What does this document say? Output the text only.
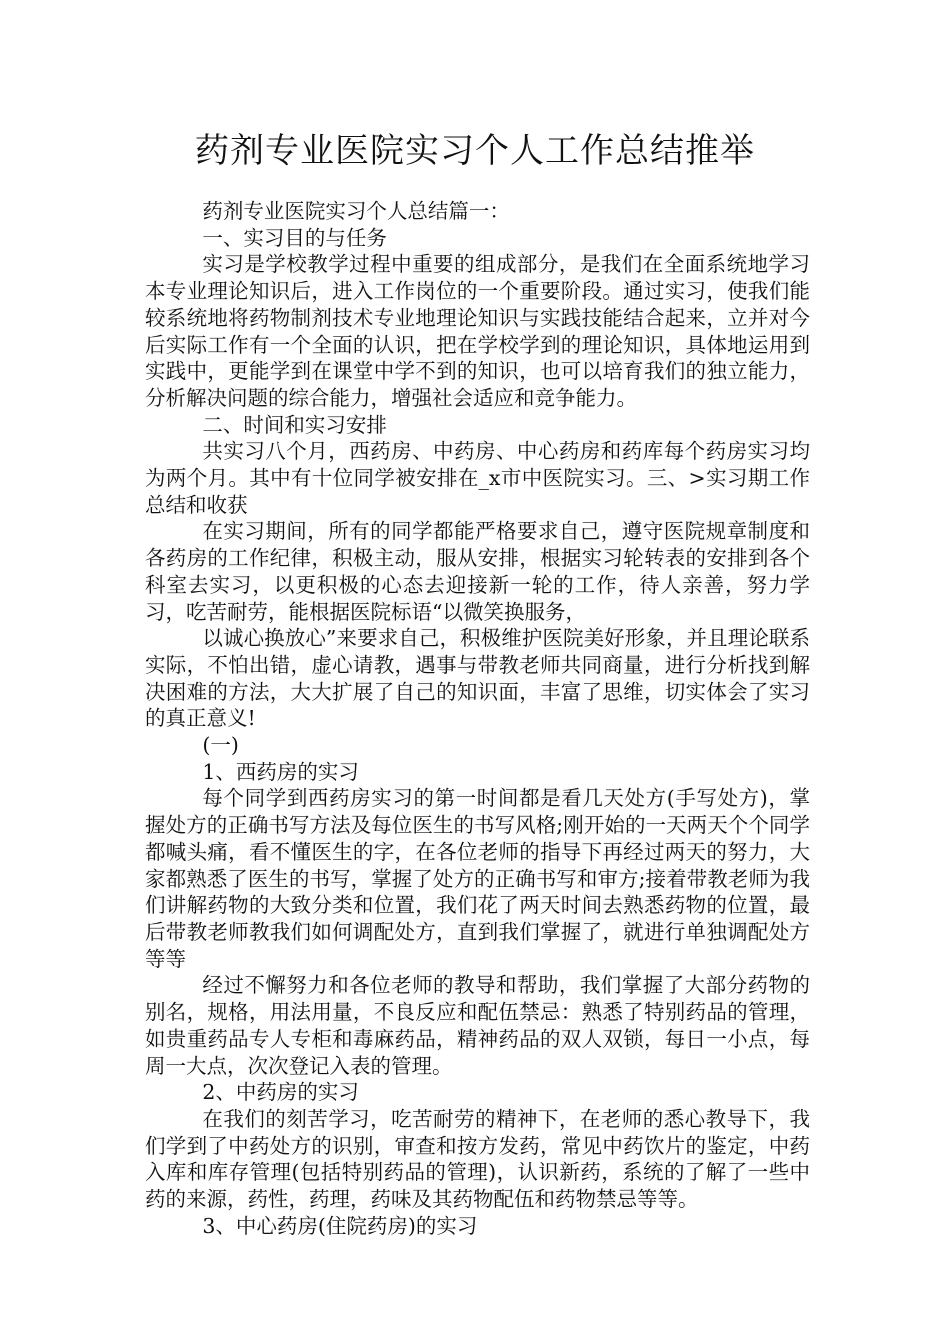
药剂专业医院实习个人工作总结推举

药剂专业医院实习个人总结篇一：

一、实习目的与任务

实习是学校教学过程中重要的组成部分，是我们在全面系统地学习本专业理论知识后，进入工作岗位的一个重要阶段。通过实习，使我们能较系统地将药物制剂技术专业地理论知识与实践技能结合起来，立并对今后实际工作有一个全面的认识，把在学校学到的理论知识，具体地运用到实践中，更能学到在课堂中学不到的知识，也可以培育我们的独立能力，分析解决问题的综合能力，增强社会适应和竞争能力。

二、时间和实习安排

共实习八个月，西药房、中药房、中心药房和药库每个药房实习均为两个月。其中有十位同学被安排在_x市中医院实习。三、>实习期工作总结和收获

在实习期间，所有的同学都能严格要求自己，遵守医院规章制度和各药房的工作纪律，积极主动，服从安排，根据实习轮转表的安排到各个科室去实习，以更积极的心态去迎接新一轮的工作，待人亲善，努力学习，吃苦耐劳，能根据医院标语“以微笑换服务，

以诚心换放心”来要求自己，积极维护医院美好形象，并且理论联系实际，不怕出错，虚心请教，遇事与带教老师共同商量，进行分析找到解决困难的方法，大大扩展了自己的知识面，丰富了思维，切实体会了实习的真正意义!

(一)

1、西药房的实习

每个同学到西药房实习的第一时间都是看几天处方(手写处方)，掌握处方的正确书写方法及每位医生的书写风格;刚开始的一天两天个个同学都喊头痛，看不懂医生的字，在各位老师的指导下再经过两天的努力，大家都熟悉了医生的书写，掌握了处方的正确书写和审方;接着带教老师为我们讲解药物的大致分类和位置，我们花了两天时间去熟悉药物的位置，最后带教老师教我们如何调配处方，直到我们掌握了，就进行单独调配处方等等

经过不懈努力和各位老师的教导和帮助，我们掌握了大部分药物的别名，规格，用法用量，不良反应和配伍禁忌：熟悉了特别药品的管理，如贵重药品专人专柜和毒麻药品，精神药品的双人双锁，每日一小点，每周一大点，次次登记入表的管理。

2、中药房的实习

在我们的刻苦学习，吃苦耐劳的精神下，在老师的悉心教导下，我们学到了中药处方的识别，审查和按方发药，常见中药饮片的鉴定，中药入库和库存管理(包括特别药品的管理)，认识新药，系统的了解了一些中药的来源，药性，药理，药味及其药物配伍和药物禁忌等等。

3、中心药房(住院药房)的实习
